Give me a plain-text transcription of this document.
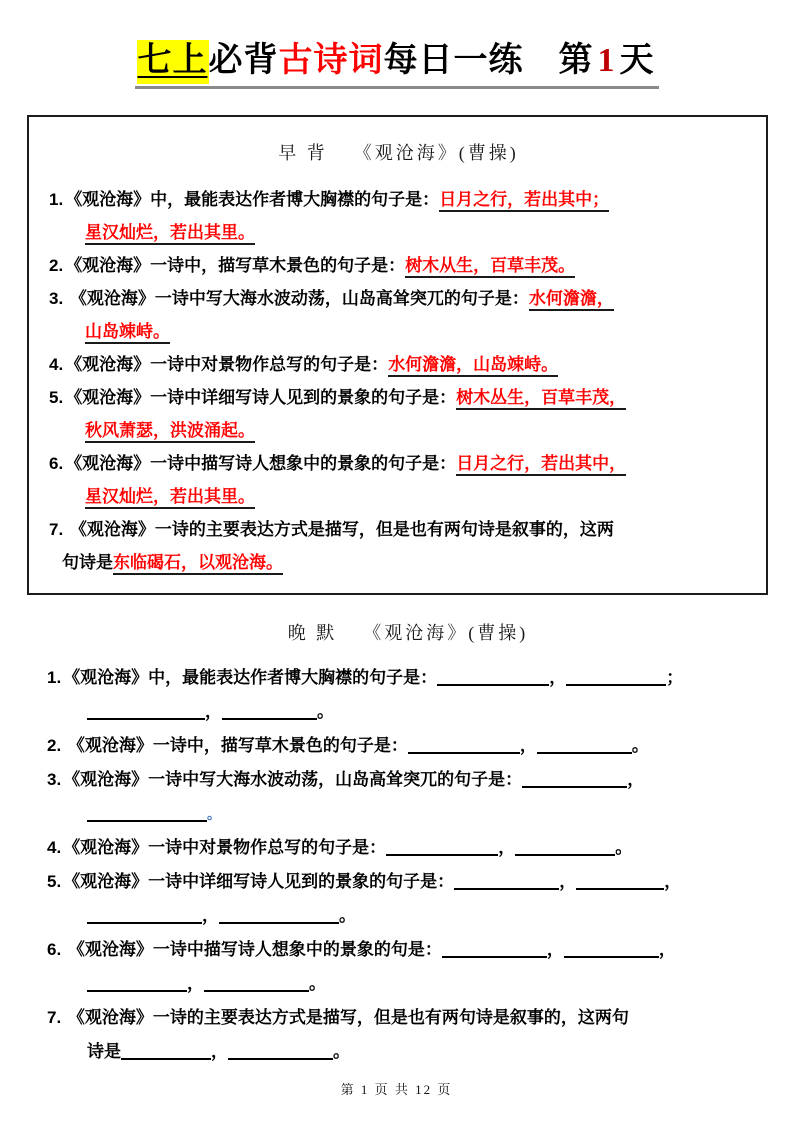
七上必背古诗词每日一练　第 1 天
早 背 《观沧海》(曹操)

1. 《观沧海》中，最能表达作者博大胸襟的句子是：日月之行，若出其中；
星汉灿烂，若出其里。

2. 《观沧海》一诗中，描写草木景色的句子是：树木从生，百草丰茂。

3. 《观沧海》一诗中写大海水波动荡，山岛高耸突兀的句子是：水何澹澹，
山岛竦峙。

4. 《观沧海》一诗中对景物作总写的句子是：水何澹澹，山岛竦峙。

5. 《观沧海》一诗中详细写诗人见到的景象的句子是：树木丛生，百草丰茂，
秋风萧瑟，洪波涌起。

6. 《观沧海》一诗中描写诗人想象中的景象的句子是：日月之行，若出其中，
星汉灿烂，若出其里。

7. 《观沧海》一诗的主要表达方式是描写，但是也有两句诗是叙事的，这两
句诗是东临碣石，以观沧海。

晚 默 《观沧海》(曹操)

1. 《观沧海》中，最能表达作者博大胸襟的句子是：	，	；
，	。

2. 《观沧海》一诗中，描写草木景色的句子是：	，	。

3. 《观沧海》一诗中写大海水波动荡，山岛高耸突兀的句子是：	，
。

4. 《观沧海》一诗中对景物作总写的句子是：	，	。

5. 《观沧海》一诗中详细写诗人见到的景象的句子是：	，	，
，	。

6. 《观沧海》一诗中描写诗人想象中的景象的句是：	，	，
，	。

7. 《观沧海》一诗的主要表达方式是描写，但是也有两句诗是叙事的，这两句
诗是	，	。

第 1 页 共 12 页
